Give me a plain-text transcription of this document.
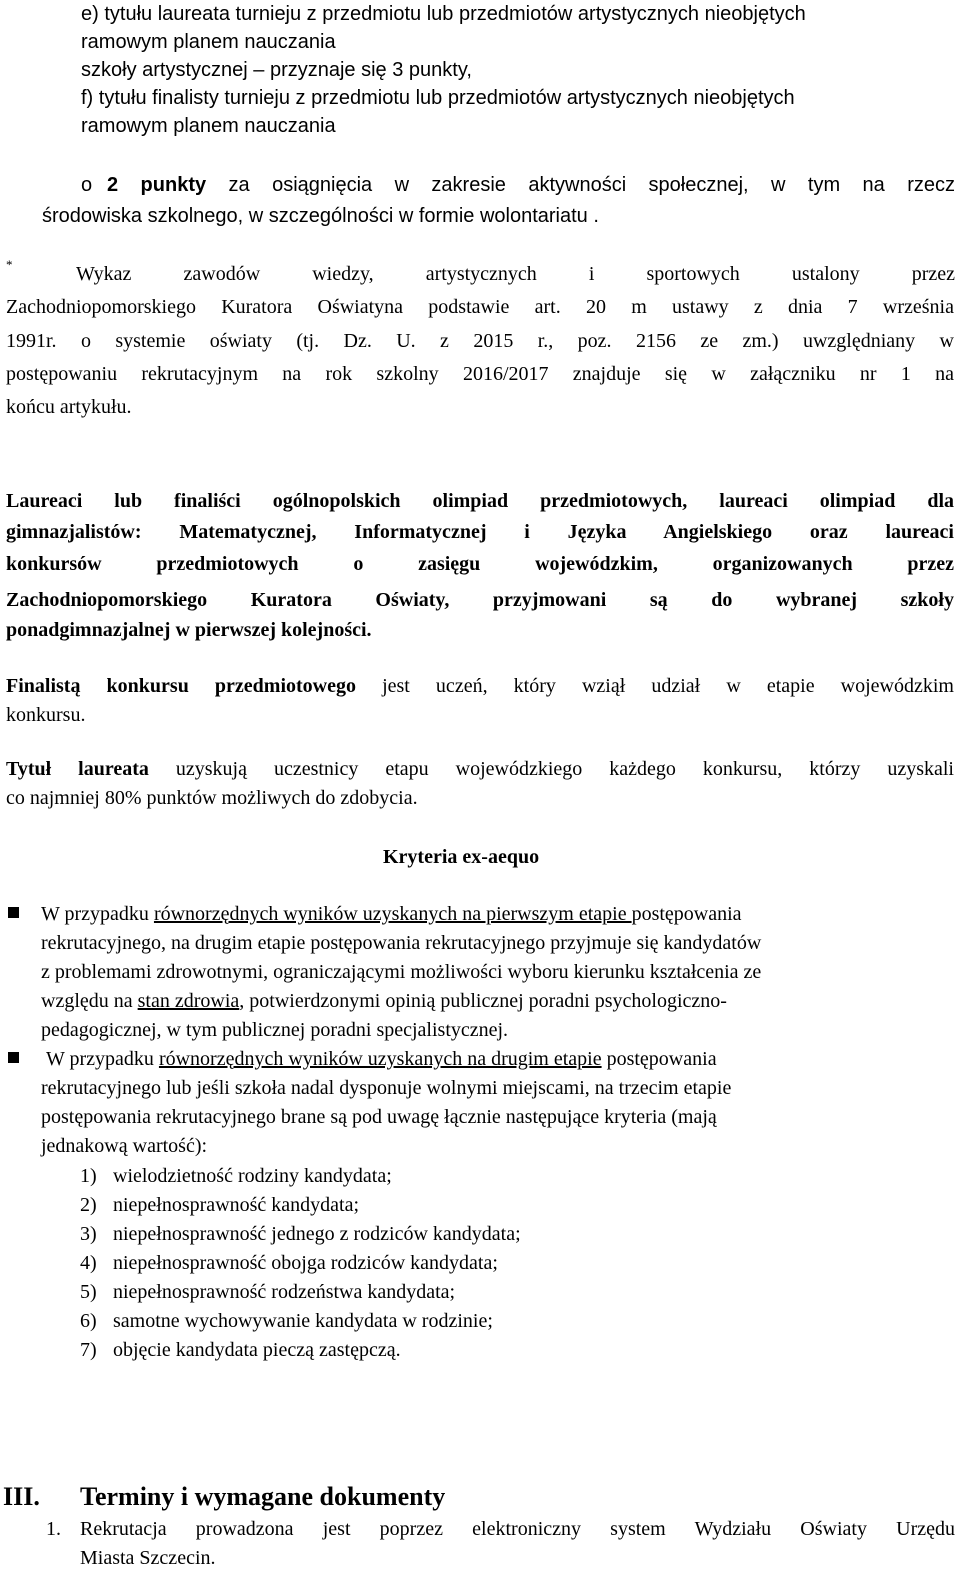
e) tytułu laureata turnieju z przedmiotu lub przedmiotów artystycznych nieobjętych
ramowym planem nauczania
szkoły artystycznej – przyznaje się 3 punkty,
f) tytułu finalisty turnieju z przedmiotu lub przedmiotów artystycznych nieobjętych
ramowym planem nauczania
o 2 punkty za osiągnięcia w zakresie aktywności społecznej, w tym na rzecz
środowiska szkolnego, w szczególności w formie wolontariatu .
*	Wykaz zawodów wiedzy, artystycznych i sportowych ustalony przez
Zachodniopomorskiego Kuratora Oświatyna podstawie art. 20 m ustawy z dnia 7 września
1991r. o systemie oświaty (tj. Dz. U. z 2015 r., poz. 2156 ze zm.) uwzględniany w
postępowaniu rekrutacyjnym na rok szkolny 2016/2017 znajduje się w załączniku nr 1 na
końcu artykułu.
Laureaci lub finaliści ogólnopolskich olimpiad przedmiotowych, laureaci olimpiad dla
gimnazjalistów: Matematycznej, Informatycznej i Języka Angielskiego oraz laureaci
konkursów przedmiotowych o zasięgu wojewódzkim, organizowanych przez
Zachodniopomorskiego Kuratora Oświaty, przyjmowani są do wybranej szkoły
ponadgimnazjalnej w pierwszej kolejności.
Finalistą konkursu przedmiotowego jest uczeń, który wziął udział w etapie wojewódzkim
konkursu.
Tytuł laureata uzyskują uczestnicy etapu wojewódzkiego każdego konkursu, którzy uzyskali
co najmniej 80% punktów możliwych do zdobycia.
Kryteria ex-aequo
W przypadku równorzędnych wyników uzyskanych na pierwszym etapie postępowania
rekrutacyjnego, na drugim etapie postępowania rekrutacyjnego przyjmuje się kandydatów
z problemami zdrowotnymi, ograniczającymi możliwości wyboru kierunku kształcenia ze
względu na stan zdrowia, potwierdzonymi opinią publicznej poradni psychologiczno-
pedagogicznej, w tym publicznej poradni specjalistycznej.
W przypadku równorzędnych wyników uzyskanych na drugim etapie postępowania
rekrutacyjnego lub jeśli szkoła nadal dysponuje wolnymi miejscami, na trzecim etapie
postępowania rekrutacyjnego brane są pod uwagę łącznie następujące kryteria (mają
jednakową wartość):
1) wielodzietność rodziny kandydata;
2) niepełnosprawność kandydata;
3) niepełnosprawność jednego z rodziców kandydata;
4) niepełnosprawność obojga rodziców kandydata;
5) niepełnosprawność rodzeństwa kandydata;
6) samotne wychowywanie kandydata w rodzinie;
7) objęcie kandydata pieczą zastępczą.
III. Terminy i wymagane dokumenty
1. Rekrutacja prowadzona jest poprzez elektroniczny system Wydziału Oświaty Urzędu
Miasta Szczecin.
